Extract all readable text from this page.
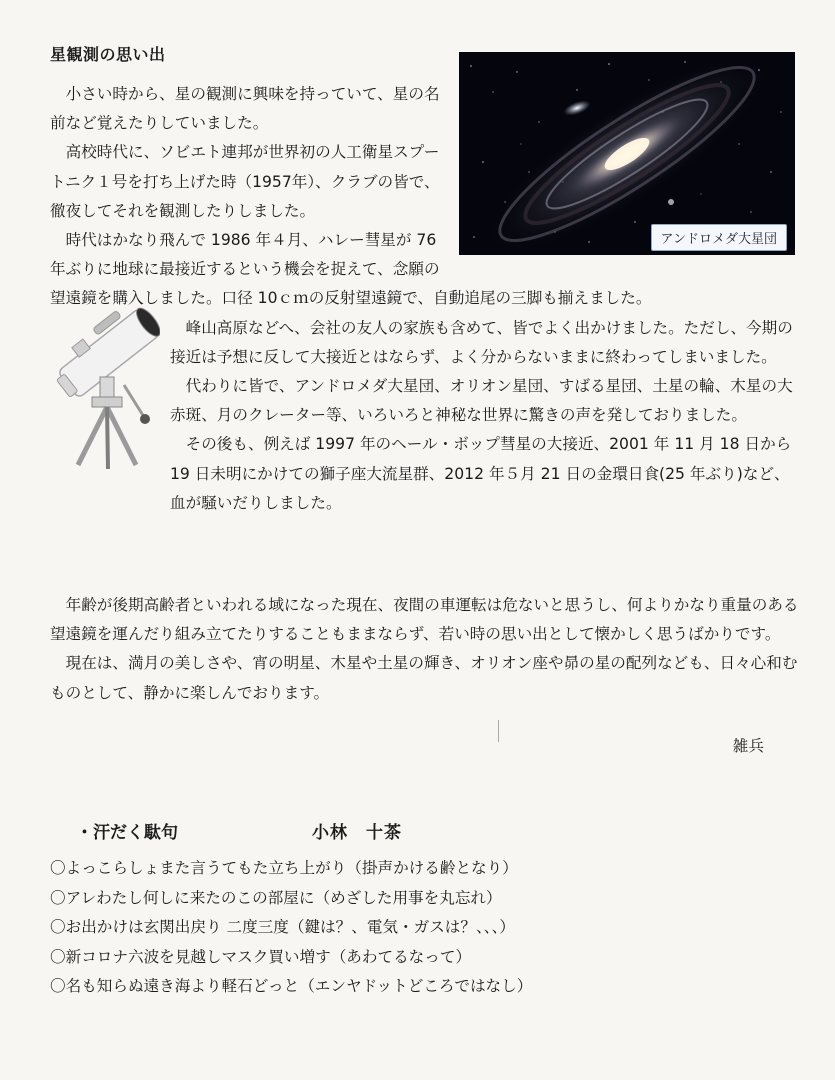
星観測の思い出
アンドロメダ大星団

小さい時から、星の観測に興味を持っていて、星の名前など覚えたりしていました。

高校時代に、ソビエト連邦が世界初の人工衛星スプートニク１号を打ち上げた時（1957年）、クラブの皆で、徹夜してそれを観測したりしました。

時代はかなり飛んで 1986 年４月、ハレー彗星が 76 年ぶりに地球に最接近するという機会を捉えて、念願の望遠鏡を購入しました。口径 10ｃｍの反射望遠鏡で、自動追尾の三脚も揃えました。

峰山高原などへ、会社の友人の家族も含めて、皆でよく出かけました。ただし、今期の接近は予想に反して大接近とはならず、よく分からないままに終わってしまいました。

代わりに皆で、アンドロメダ大星団、オリオン星団、すばる星団、土星の輪、木星の大赤斑、月のクレーター等、いろいろと神秘な世界に驚きの声を発しておりました。

その後も、例えば 1997 年のヘール・ボップ彗星の大接近、2001 年 11 月 18 日から 19 日未明にかけての獅子座大流星群、2012 年５月 21 日の金環日食(25 年ぶり)など、血が騒いだりしました。

年齢が後期高齢者といわれる域になった現在、夜間の車運転は危ないと思うし、何よりかなり重量のある望遠鏡を運んだり組み立てたりすることもままならず、若い時の思い出として懐かしく思うばかりです。

現在は、満月の美しさや、宵の明星、木星や土星の輝き、オリオン座や昴の星の配列なども、日々心和むものとして、静かに楽しんでおります。

雑兵
・汗だく駄句	小林　十茶
〇よっこらしょまた言うてもた立ち上がり（掛声かける齢となり）
〇アレわたし何しに来たのこの部屋に（めざした用事を丸忘れ）
〇お出かけは玄関出戻り 二度三度（鍵は？、電気・ガスは？、、、）
〇新コロナ六波を見越しマスク買い増す（あわてるなって）
〇名も知らぬ遠き海より軽石どっと（エンヤドットどころではなし）
